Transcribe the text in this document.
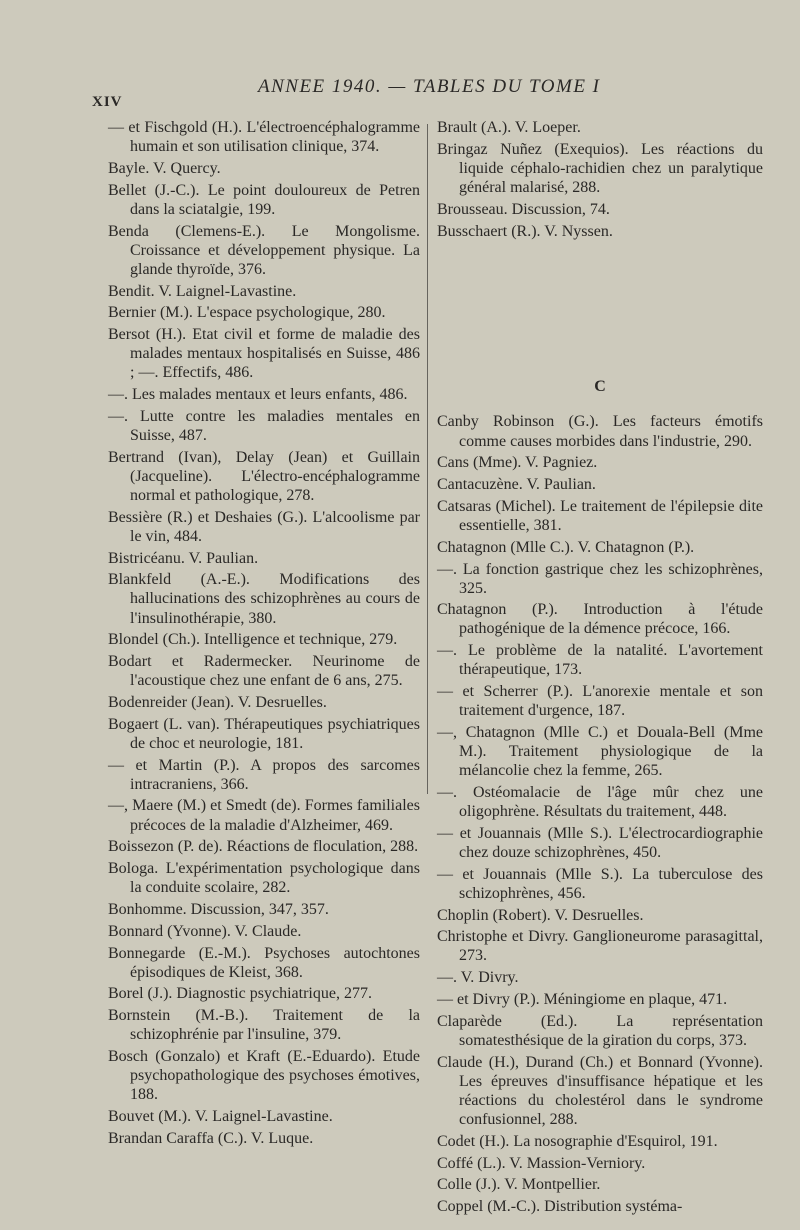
XIV
ANNEE 1940. — TABLES DU TOME I

— et Fischgold (H.). L'électroencéphalogramme humain et son utilisation clinique, 374.

Bayle. V. Quercy.

Bellet (J.-C.). Le point douloureux de Petren dans la sciatalgie, 199.

Benda (Clemens-E.). Le Mongolisme. Croissance et développement physique. La glande thyroïde, 376.

Bendit. V. Laignel-Lavastine.

Bernier (M.). L'espace psychologique, 280.

Bersot (H.). Etat civil et forme de maladie des malades mentaux hospitalisés en Suisse, 486 ; —. Effectifs, 486.

—. Les malades mentaux et leurs enfants, 486.

—. Lutte contre les maladies mentales en Suisse, 487.

Bertrand (Ivan), Delay (Jean) et Guillain (Jacqueline). L'électro-encéphalogramme normal et pathologique, 278.

Bessière (R.) et Deshaies (G.). L'alcoolisme par le vin, 484.

Bistricéanu. V. Paulian.

Blankfeld (A.-E.). Modifications des hallucinations des schizophrènes au cours de l'insulinothérapie, 380.

Blondel (Ch.). Intelligence et technique, 279.

Bodart et Radermecker. Neurinome de l'acoustique chez une enfant de 6 ans, 275.

Bodenreider (Jean). V. Desruelles.

Bogaert (L. van). Thérapeutiques psychiatriques de choc et neurologie, 181.

— et Martin (P.). A propos des sarcomes intracraniens, 366.

—, Maere (M.) et Smedt (de). Formes familiales précoces de la maladie d'Alzheimer, 469.

Boissezon (P. de). Réactions de floculation, 288.

Bologa. L'expérimentation psychologique dans la conduite scolaire, 282.

Bonhomme. Discussion, 347, 357.

Bonnard (Yvonne). V. Claude.

Bonnegarde (E.-M.). Psychoses autochtones épisodiques de Kleist, 368.

Borel (J.). Diagnostic psychiatrique, 277.

Bornstein (M.-B.). Traitement de la schizophrénie par l'insuline, 379.

Bosch (Gonzalo) et Kraft (E.-Eduardo). Etude psychopathologique des psychoses émotives, 188.

Bouvet (M.). V. Laignel-Lavastine.

Brandan Caraffa (C.). V. Luque.

Brault (A.). V. Loeper.

Bringaz Nuñez (Exequios). Les réactions du liquide céphalo-rachidien chez un paralytique général malarisé, 288.

Brousseau. Discussion, 74.

Busschaert (R.). V. Nyssen.

C

Canby Robinson (G.). Les facteurs émotifs comme causes morbides dans l'industrie, 290.

Cans (Mme). V. Pagniez.

Cantacuzène. V. Paulian.

Catsaras (Michel). Le traitement de l'épilepsie dite essentielle, 381.

Chatagnon (Mlle C.). V. Chatagnon (P.).

—. La fonction gastrique chez les schizophrènes, 325.

Chatagnon (P.). Introduction à l'étude pathogénique de la démence précoce, 166.

—. Le problème de la natalité. L'avortement thérapeutique, 173.

— et Scherrer (P.). L'anorexie mentale et son traitement d'urgence, 187.

—, Chatagnon (Mlle C.) et Douala-Bell (Mme M.). Traitement physiologique de la mélancolie chez la femme, 265.

—. Ostéomalacie de l'âge mûr chez une oligophrène. Résultats du traitement, 448.

— et Jouannais (Mlle S.). L'électrocardiographie chez douze schizophrènes, 450.

— et Jouannais (Mlle S.). La tuberculose des schizophrènes, 456.

Choplin (Robert). V. Desruelles.

Christophe et Divry. Ganglioneurome parasagittal, 273.

—. V. Divry.

— et Divry (P.). Méningiome en plaque, 471.

Claparède (Ed.). La représentation somatesthésique de la giration du corps, 373.

Claude (H.), Durand (Ch.) et Bonnard (Yvonne). Les épreuves d'insuffisance hépatique et les réactions du cholestérol dans le syndrome confusionnel, 288.

Codet (H.). La nosographie d'Esquirol, 191.

Coffé (L.). V. Massion-Verniory.

Colle (J.). V. Montpellier.

Coppel (M.-C.). Distribution systéma-
